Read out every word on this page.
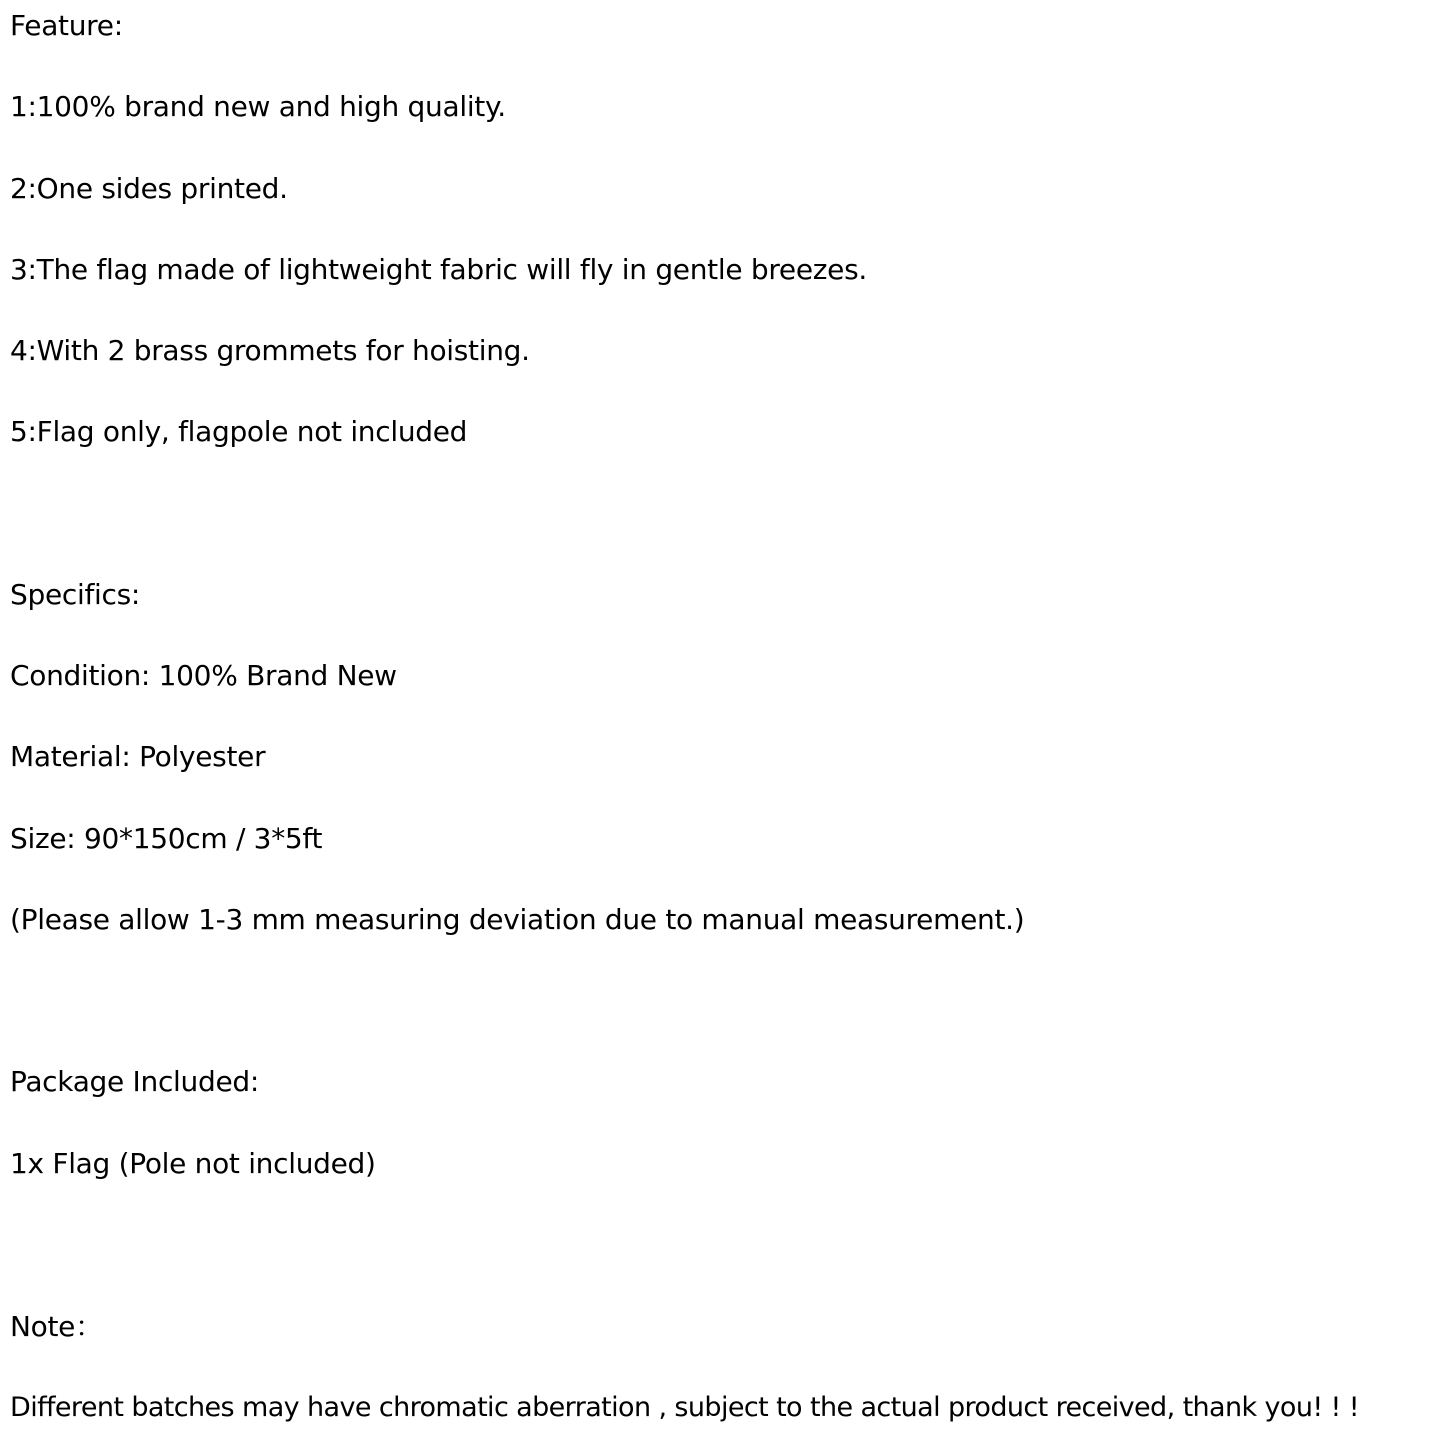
Feature:
1:100% brand new and high quality.
2:One sides printed.
3:The flag made of lightweight fabric will fly in gentle breezes.
4:With 2 brass grommets for hoisting.
5:Flag only, flagpole not included
Specifics:
Condition: 100% Brand New
Material: Polyester
Size: 90*150cm / 3*5ft
(Please allow 1-3 mm measuring deviation due to manual measurement.)
Package Included:
1x Flag (Pole not included)
Note：
Different batches may have chromatic aberration , subject to the actual product received, thank you! ! !
